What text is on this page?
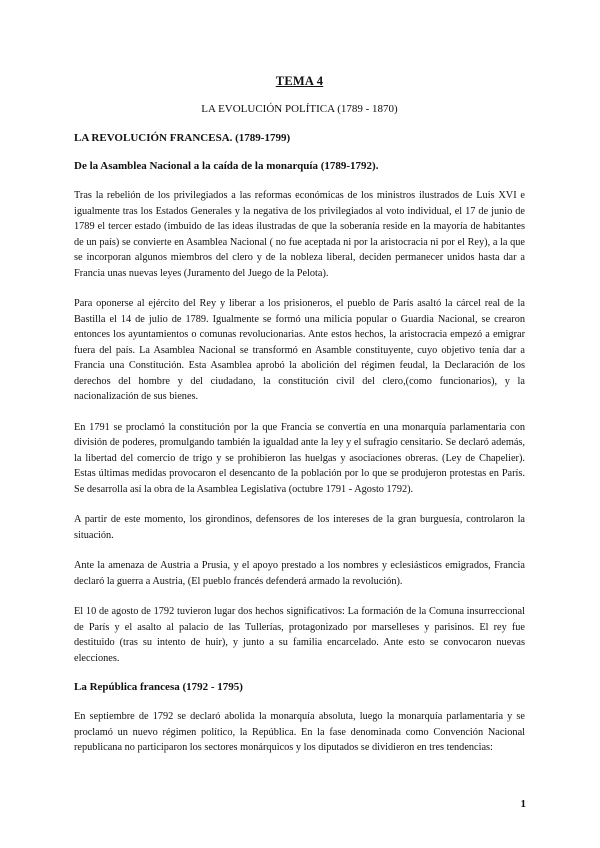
TEMA 4
LA EVOLUCIÓN POLÍTICA (1789 - 1870)
LA REVOLUCIÓN FRANCESA. (1789-1799)
De la Asamblea Nacional a la caída de la monarquía (1789-1792).

Tras la rebelión de los privilegiados a las reformas económicas de los ministros ilustrados de Luis XVI e igualmente tras los Estados Generales y la negativa de los privilegiados al voto individual, el 17 de junio de 1789 el tercer estado (imbuido de las ideas ilustradas de que la soberanía reside en la mayoría de habitantes de un país) se convierte en Asamblea Nacional ( no fue aceptada ni por la aristocracia ni por el Rey), a la que se incorporan algunos miembros del clero y de la nobleza liberal, deciden permanecer unidos hasta dar a Francia unas nuevas leyes (Juramento del Juego de la Pelota).

Para oponerse al ejército del Rey y liberar a los prisioneros, el pueblo de París asaltó la cárcel real de la Bastilla el 14 de julio de 1789. Igualmente se formó una milicia popular o Guardia Nacional, se crearon entonces los ayuntamientos o comunas revolucionarias. Ante estos hechos, la aristocracia empezó a emigrar fuera del país. La Asamblea Nacional se transformó en Asamble constituyente, cuyo objetivo tenía dar a Francia una Constitución. Esta Asamblea aprobó la abolición del régimen feudal, la Declaración de los derechos del hombre y del ciudadano, la constitución civil del clero,(como funcionarios), y la nacionalización de sus bienes.

En 1791 se proclamó la constitución por la que Francia se convertía en una monarquía parlamentaria con división de poderes, promulgando también la igualdad ante la ley y el sufragio censitario. Se declaró además, la libertad del comercio de trigo y se prohibieron las huelgas y asociaciones obreras. (Ley de Chapelier). Estas últimas medidas provocaron el desencanto de la población por lo que se produjeron protestas en París. Se desarrolla así la obra de la Asamblea Legislativa (octubre 1791 - Agosto 1792).

A partir de este momento, los girondinos, defensores de los intereses de la gran burguesía, controlaron la situación.

Ante la amenaza de Austria a Prusia, y el apoyo prestado a los nombres y eclesiásticos emigrados, Francia declaró la guerra a Austria, (El pueblo francés defenderá armado la revolución).

El 10 de agosto de 1792 tuvieron lugar dos hechos significativos: La formación de la Comuna insurreccional de París y el asalto al palacio de las Tullerías, protagonizado por marselleses y parisinos. El rey fue destituido (tras su intento de huir), y junto a su familia encarcelado. Ante esto se convocaron nuevas elecciones.

La República francesa (1792 - 1795)

En septiembre de 1792 se declaró abolida la monarquía absoluta, luego la monarquía parlamentaria y se proclamó un nuevo régimen político, la República. En la fase denominada como Convención Nacional republicana no participaron los sectores monárquicos y los diputados se dividieron en tres tendencias:

1
